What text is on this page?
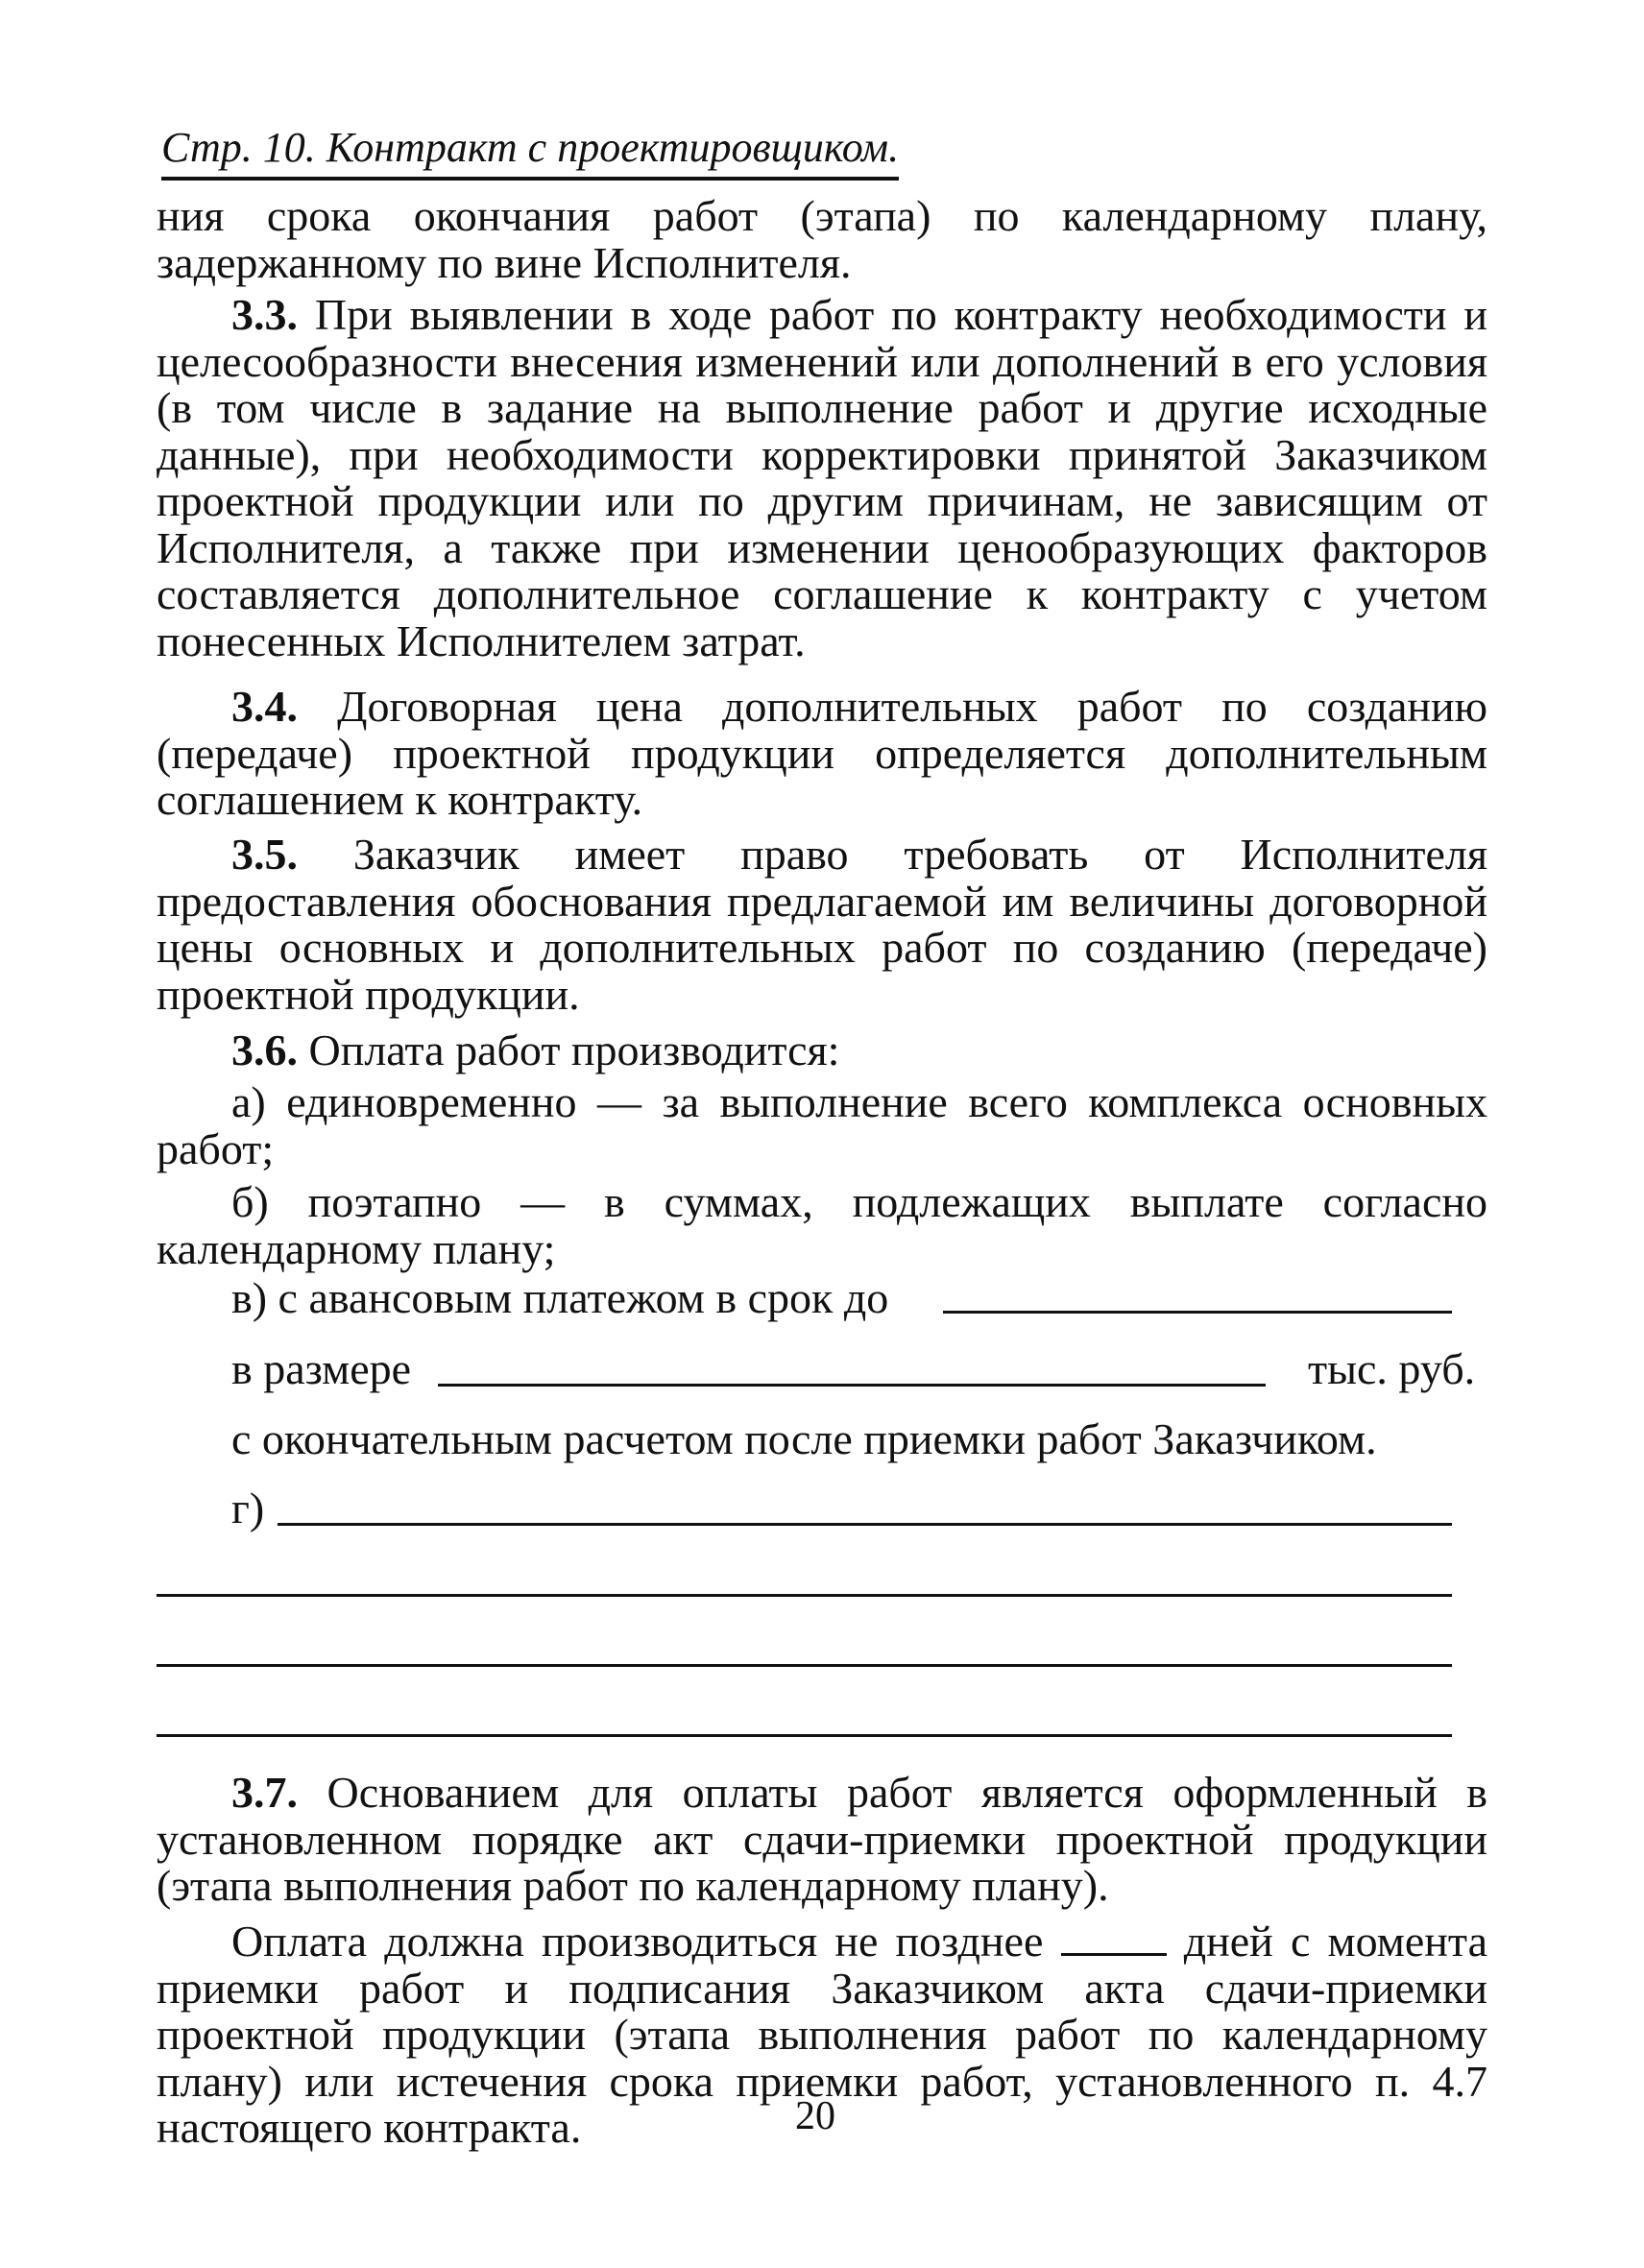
Стр. 10. Контракт с проектировщиком.
ния срока окончания работ (этапа) по календарному плану, задержанному по вине Исполнителя.
3.3. При выявлении в ходе работ по контракту необходимости и целесообразности внесения изменений или дополнений в его условия (в том числе в задание на выполнение работ и другие исходные данные), при необходимости корректировки принятой Заказчиком проектной продукции или по другим причинам, не зависящим от Исполнителя, а также при изменении ценообразующих факторов составляется дополнительное соглашение к контракту с учетом понесенных Исполнителем затрат.
3.4. Договорная цена дополнительных работ по созданию (передаче) проектной продукции определяется дополнительным соглашением к контракту.
3.5. Заказчик имеет право требовать от Исполнителя предоставления обоснования предлагаемой им величины договорной цены основных и дополнительных работ по созданию (передаче) проектной продукции.
3.6. Оплата работ производится:
а) единовременно — за выполнение всего комплекса основных работ;
б) поэтапно — в суммах, подлежащих выплате согласно календарному плану;
в) с авансовым платежом в срок до
в размере	тыс. руб.
с окончательным расчетом после приемки работ Заказчиком.
г)
3.7. Основанием для оплаты работ является оформленный в установленном порядке акт сдачи-приемки проектной продукции (этапа выполнения работ по календарному плану).
Оплата должна производиться не позднее	дней с момента приемки работ и подписания Заказчиком акта сдачи-приемки проектной продукции (этапа выполнения работ по календарному плану) или истечения срока приемки работ, установленного п. 4.7 настоящего контракта.	20
